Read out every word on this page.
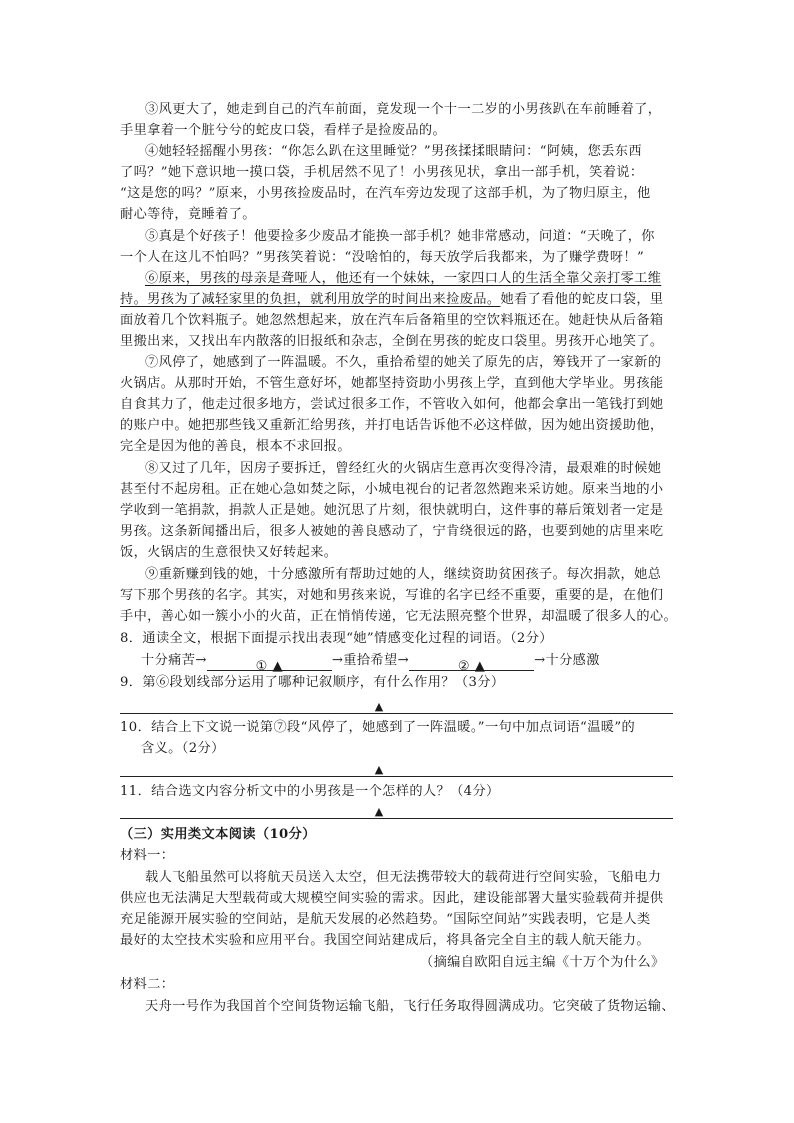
③风更大了，她走到自己的汽车前面，竟发现一个十一二岁的小男孩趴在车前睡着了，
手里拿着一个脏兮兮的蛇皮口袋，看样子是捡废品的。
④她轻轻摇醒小男孩：“你怎么趴在这里睡觉？”男孩揉揉眼睛问：“阿姨，您丢东西
了吗？”她下意识地一摸口袋，手机居然不见了！小男孩见状，拿出一部手机，笑着说：
“这是您的吗？”原来，小男孩捡废品时，在汽车旁边发现了这部手机，为了物归原主，他
耐心等待，竟睡着了。
⑤真是个好孩子！他要捡多少废品才能换一部手机？她非常感动，问道：“天晚了，你
一个人在这儿不怕吗？”男孩笑着说：“没啥怕的，每天放学后我都来，为了赚学费呀！”
⑥原来，男孩的母亲是聋哑人，他还有一个妹妹，一家四口人的生活全靠父亲打零工维
持。男孩为了减轻家里的负担，就利用放学的时间出来捡废品。她看了看他的蛇皮口袋，里
面放着几个饮料瓶子。她忽然想起来，放在汽车后备箱里的空饮料瓶还在。她赶快从后备箱
里搬出来，又找出车内散落的旧报纸和杂志，全倒在男孩的蛇皮口袋里。男孩开心地笑了。
⑦风停了，她感到了一阵温暖。不久，重拾希望的她关了原先的店，筹钱开了一家新的
火锅店。从那时开始，不管生意好坏，她都坚持资助小男孩上学，直到他大学毕业。男孩能
自食其力了，他走过很多地方，尝试过很多工作，不管收入如何，他都会拿出一笔钱打到她
的账户中。她把那些钱又重新汇给男孩，并打电话告诉他不必这样做，因为她出资援助他，
完全是因为他的善良，根本不求回报。
⑧又过了几年，因房子要拆迁，曾经红火的火锅店生意再次变得冷清，最艰难的时候她
甚至付不起房租。正在她心急如焚之际，小城电视台的记者忽然跑来采访她。原来当地的小
学收到一笔捐款，捐款人正是她。她沉思了片刻，很快就明白，这件事的幕后策划者一定是
男孩。这条新闻播出后，很多人被她的善良感动了，宁肯绕很远的路，也要到她的店里来吃
饭，火锅店的生意很快又好转起来。
⑨重新赚到钱的她，十分感激所有帮助过她的人，继续资助贫困孩子。每次捐款，她总
写下那个男孩的名字。其实，对她和男孩来说，写谁的名字已经不重要，重要的是，在他们
手中，善心如一簇小小的火苗，正在悄悄传递，它无法照亮整个世界，却温暖了很多人的心。
8．通读全文，根据下面提示找出表现“她”情感变化过程的词语。（2分）
十分痛苦→	① ▲	→重拾希望→	② ▲	→十分感激
9．第⑥段划线部分运用了哪种记叙顺序，有什么作用？（3分）
▲
10．结合上下文说一说第⑦段“风停了，她感到了一阵温暖。”一句中加点词语“温暖”的
含义。（2分）
▲
11．结合选文内容分析文中的小男孩是一个怎样的人？（4分）
▲
（三）实用类文本阅读（10分）
材料一：
载人飞船虽然可以将航天员送入太空，但无法携带较大的载荷进行空间实验，飞船电力
供应也无法满足大型载荷或大规模空间实验的需求。因此，建设能部署大量实验载荷并提供
充足能源开展实验的空间站，是航天发展的必然趋势。“国际空间站”实践表明，它是人类
最好的太空技术实验和应用平台。我国空间站建成后，将具备完全自主的载人航天能力。
（摘编自欧阳自远主编《十万个为什么》
材料二：
天舟一号作为我国首个空间货物运输飞船，飞行任务取得圆满成功。它突破了货物运输、
